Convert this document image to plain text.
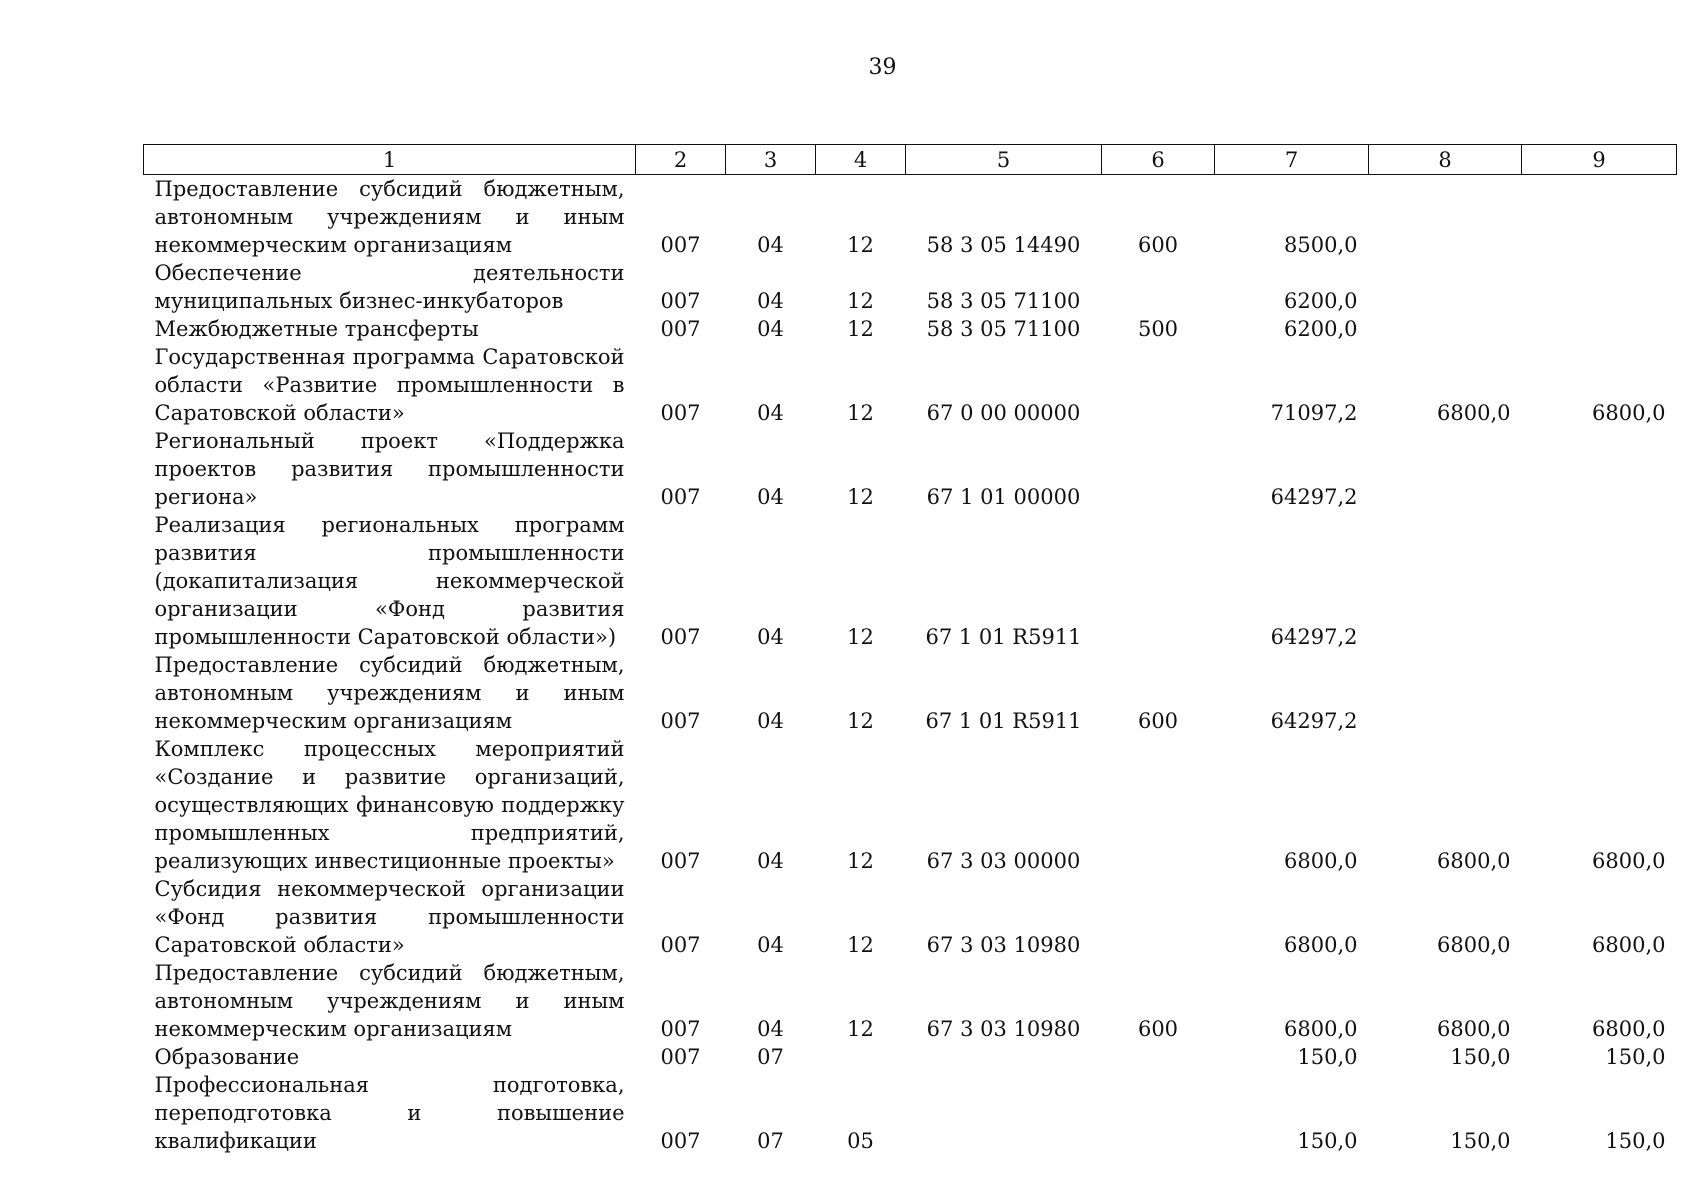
39
1	2	3	4	5	6	7	8	9
Предоставление субсидий бюджетным, автономным учреждениям и иным некоммерческим организациям	007	04	12	58 3 05 14490	600	8500,0		
Обеспечение деятельности муниципальных бизнес-инкубаторов	007	04	12	58 3 05 71100		6200,0		
Межбюджетные трансферты	007	04	12	58 3 05 71100	500	6200,0		
Государственная программа Саратовской области «Развитие промышленности в Саратовской области»	007	04	12	67 0 00 00000		71097,2	6800,0	6800,0
Региональный проект «Поддержка проектов развития промышленности региона»	007	04	12	67 1 01 00000		64297,2		
Реализация региональных программ развития промышленности (докапитализация некоммерческой организации «Фонд развития промышленности Саратовской области»)	007	04	12	67 1 01 R5911		64297,2		
Предоставление субсидий бюджетным, автономным учреждениям и иным некоммерческим организациям	007	04	12	67 1 01 R5911	600	64297,2		
Комплекс процессных мероприятий «Создание и развитие организаций, осуществляющих финансовую поддержку промышленных предприятий, реализующих инвестиционные проекты»	007	04	12	67 3 03 00000		6800,0	6800,0	6800,0
Субсидия некоммерческой организации «Фонд развития промышленности Саратовской области»	007	04	12	67 3 03 10980		6800,0	6800,0	6800,0
Предоставление субсидий бюджетным, автономным учреждениям и иным некоммерческим организациям	007	04	12	67 3 03 10980	600	6800,0	6800,0	6800,0
Образование	007	07				150,0	150,0	150,0
Профессиональная подготовка, переподготовка и повышение квалификации	007	07	05			150,0	150,0	150,0
